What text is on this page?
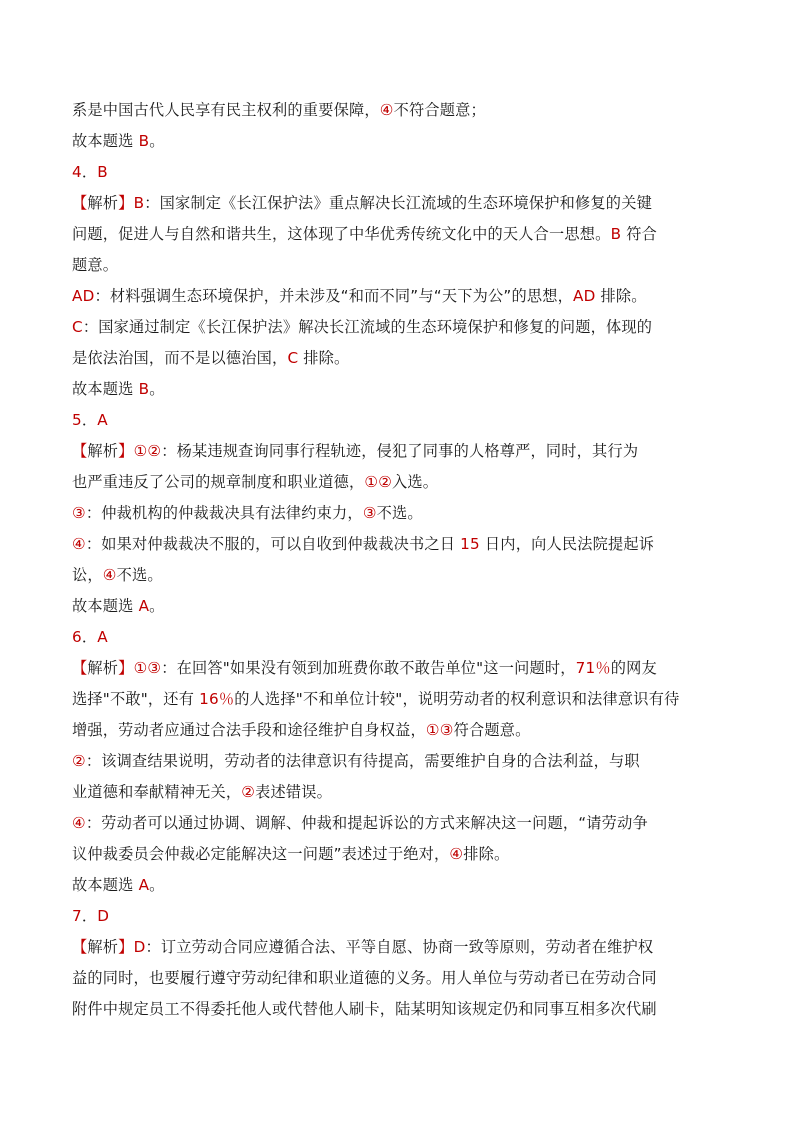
系是中国古代人民享有民主权利的重要保障，④不符合题意；
故本题选 B。
4．B
【解析】B：国家制定《长江保护法》重点解决长江流域的生态环境保护和修复的关键
问题，促进人与自然和谐共生，这体现了中华优秀传统文化中的天人合一思想。B 符合
题意。
AD：材料强调生态环境保护，并未涉及“和而不同”与“天下为公”的思想，AD 排除。
C：国家通过制定《长江保护法》解决长江流域的生态环境保护和修复的问题，体现的
是依法治国，而不是以德治国，C 排除。
故本题选 B。
5．A
【解析】①②：杨某违规查询同事行程轨迹，侵犯了同事的人格尊严，同时，其行为
也严重违反了公司的规章制度和职业道德，①②入选。
③：仲裁机构的仲裁裁决具有法律约束力，③不选。
④：如果对仲裁裁决不服的，可以自收到仲裁裁决书之日 15 日内，向人民法院提起诉
讼，④不选。
故本题选 A。
6．A
【解析】①③：在回答"如果没有领到加班费你敢不敢告单位"这一问题时，71％的网友
选择"不敢"，还有 16％的人选择"不和单位计较"，说明劳动者的权利意识和法律意识有待
增强，劳动者应通过合法手段和途径维护自身权益，①③符合题意。
②：该调查结果说明，劳动者的法律意识有待提高，需要维护自身的合法利益，与职
业道德和奉献精神无关，②表述错误。
④：劳动者可以通过协调、调解、仲裁和提起诉讼的方式来解决这一问题，“请劳动争
议仲裁委员会仲裁必定能解决这一问题”表述过于绝对，④排除。
故本题选 A。
7．D
【解析】D：订立劳动合同应遵循合法、平等自愿、协商一致等原则，劳动者在维护权
益的同时，也要履行遵守劳动纪律和职业道德的义务。用人单位与劳动者已在劳动合同
附件中规定员工不得委托他人或代替他人刷卡，陆某明知该规定仍和同事互相多次代刷
